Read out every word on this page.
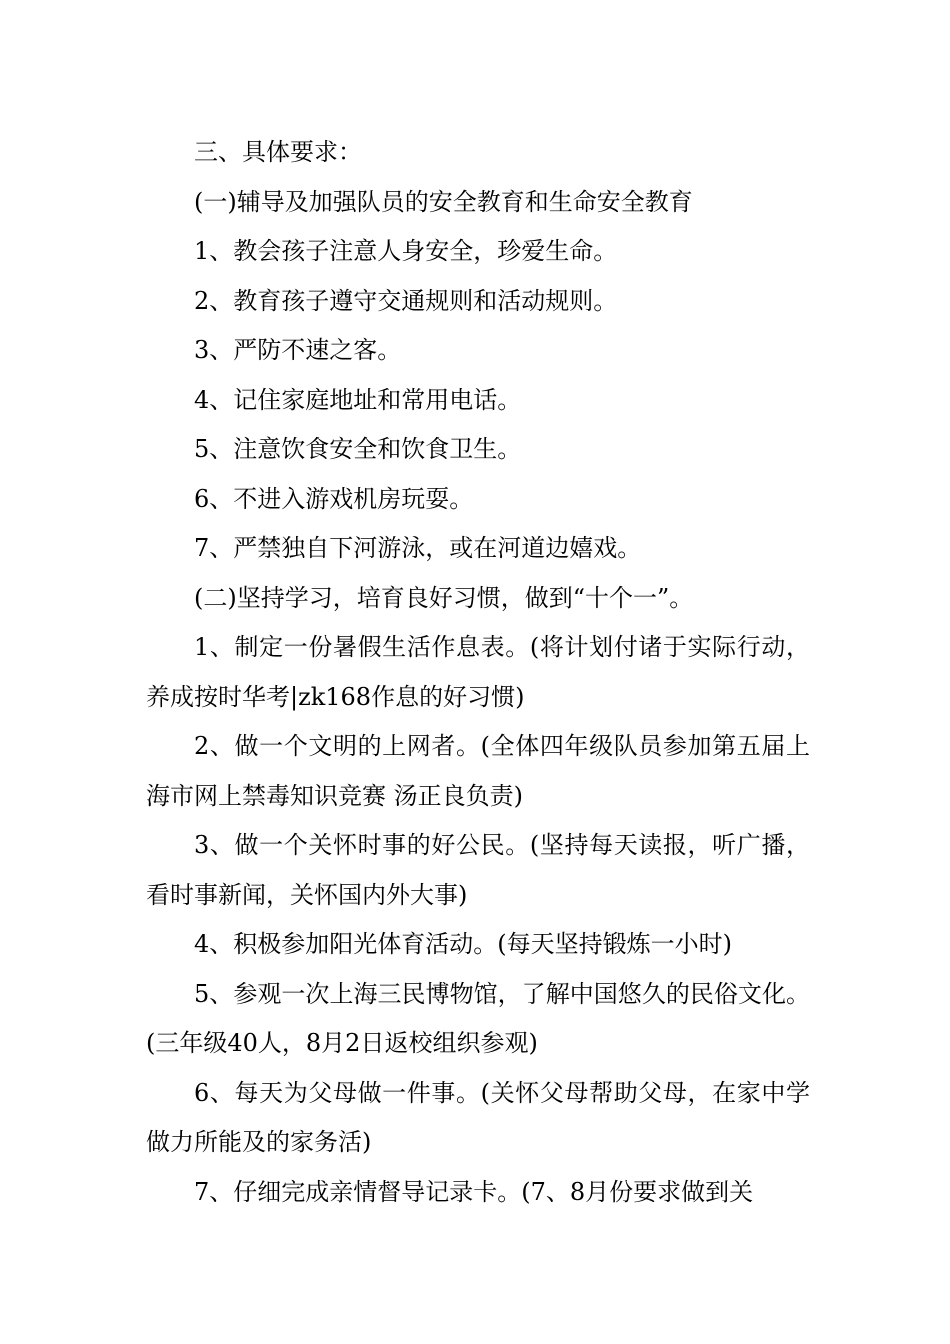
三、具体要求：

(一)辅导及加强队员的安全教育和生命安全教育

1、教会孩子注意人身安全，珍爱生命。

2、教育孩子遵守交通规则和活动规则。

3、严防不速之客。

4、记住家庭地址和常用电话。

5、注意饮食安全和饮食卫生。

6、不进入游戏机房玩耍。

7、严禁独自下河游泳，或在河道边嬉戏。

(二)坚持学习，培育良好习惯，做到“十个一”。

1、制定一份暑假生活作息表。(将计划付诸于实际行动，养成按时华考|zk168作息的好习惯)

2、做一个文明的上网者。(全体四年级队员参加第五届上海市网上禁毒知识竞赛 汤正良负责)

3、做一个关怀时事的好公民。(坚持每天读报，听广播，看时事新闻，关怀国内外大事)

4、积极参加阳光体育活动。(每天坚持锻炼一小时)

5、参观一次上海三民博物馆，了解中国悠久的民俗文化。(三年级40人，8月2日返校组织参观)

6、每天为父母做一件事。(关怀父母帮助父母，在家中学做力所能及的家务活)

7、仔细完成亲情督导记录卡。(7、8月份要求做到关
